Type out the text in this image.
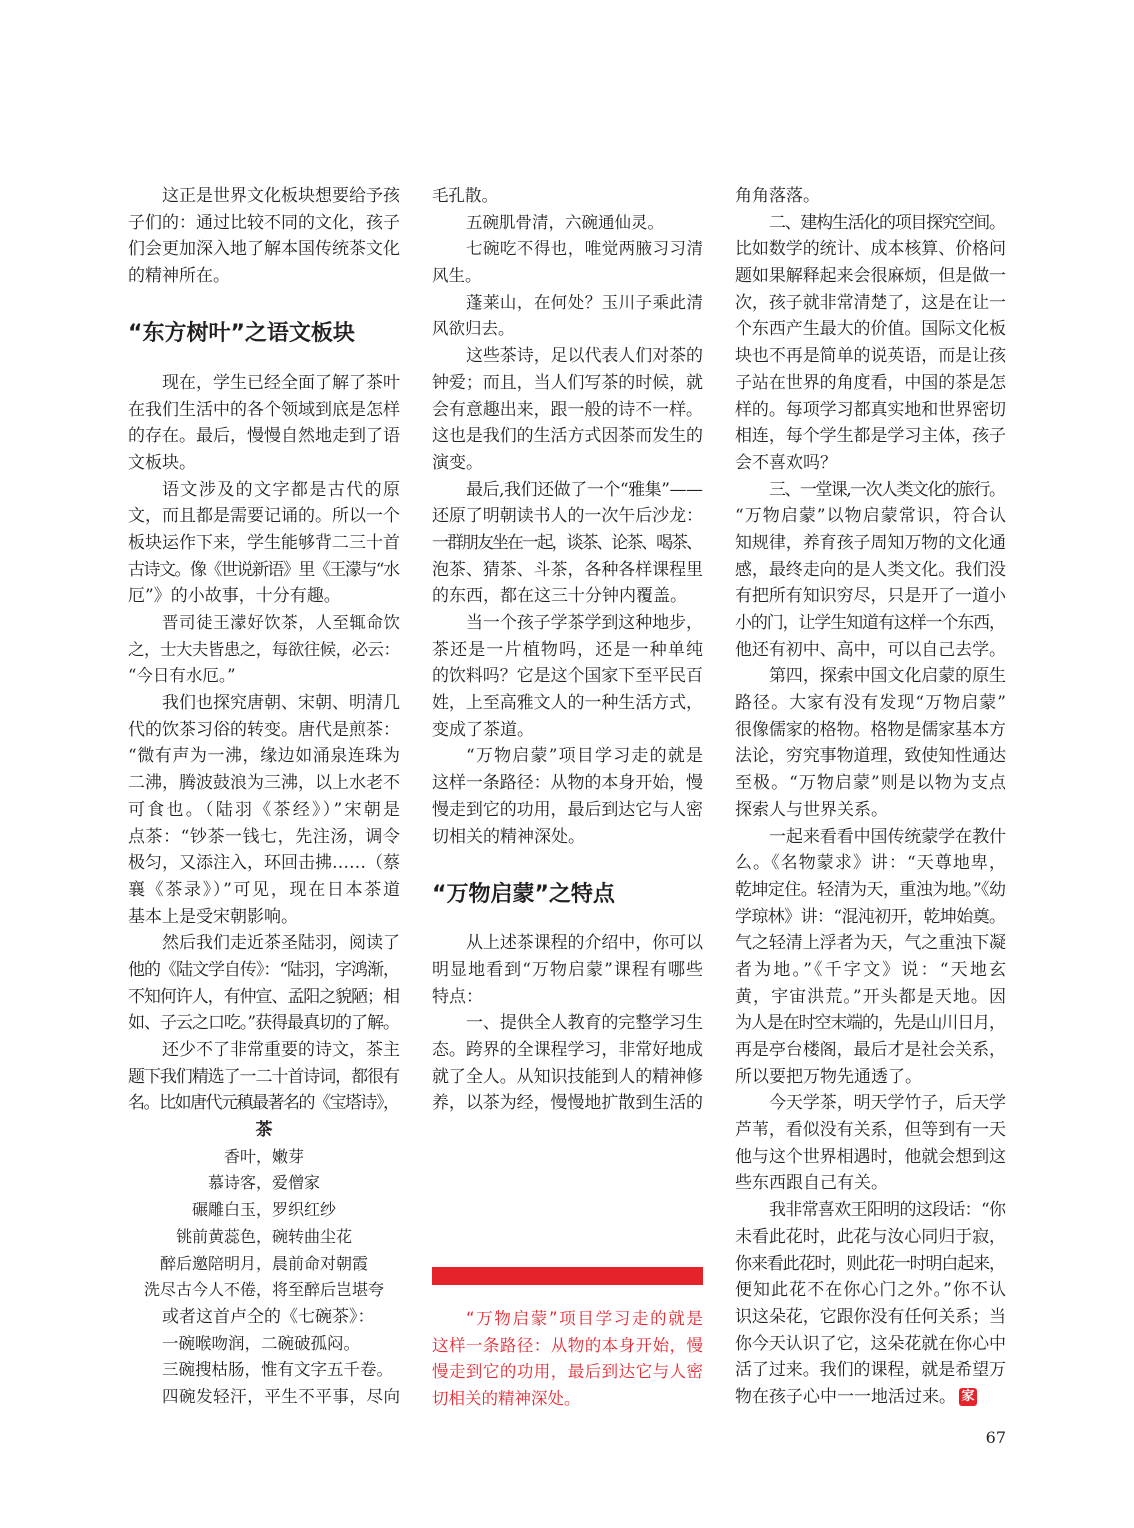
这正是世界文化板块想要给予孩
子们的：通过比较不同的文化，孩子
们会更加深入地了解本国传统茶文化
的精神所在。
“东方树叶”之语文板块
现在，学生已经全面了解了茶叶
在我们生活中的各个领域到底是怎样
的存在。最后，慢慢自然地走到了语
文板块。
语文涉及的文字都是古代的原
文，而且都是需要记诵的。所以一个
板块运作下来，学生能够背二三十首
古诗文。像《世说新语》里《王濛与“水
厄”》的小故事，十分有趣。
晋司徒王濛好饮茶，人至辄命饮
之，士大夫皆患之，每欲往候，必云：
“今日有水厄。”
我们也探究唐朝、宋朝、明清几
代的饮茶习俗的转变。唐代是煎茶：
“微有声为一沸，缘边如涌泉连珠为
二沸，腾波鼓浪为三沸，以上水老不
可食也。（陆羽《茶经》）”宋朝是
点茶：“钞茶一钱七，先注汤，调令
极匀，又添注入，环回击拂……（蔡
襄《茶录》）”可见，现在日本茶道
基本上是受宋朝影响。
然后我们走近茶圣陆羽，阅读了
他的《陆文学自传》：“陆羽，字鸿渐，
不知何许人，有仲宣、孟阳之貌陋；相
如、子云之口吃。”获得最真切的了解。
还少不了非常重要的诗文，茶主
题下我们精选了一二十首诗词，都很有
名。比如唐代元稹最著名的《宝塔诗》，
茶
香叶，嫩芽
慕诗客，爱僧家
碾雕白玉，罗织红纱
铫前黄蕊色，碗转曲尘花
醉后邀陪明月，晨前命对朝霞
洗尽古今人不倦，将至醉后岂堪夸
或者这首卢仝的《七碗茶》：
一碗喉吻润，二碗破孤闷。
三碗搜枯肠，惟有文字五千卷。
四碗发轻汗，平生不平事，尽向
毛孔散。
五碗肌骨清，六碗通仙灵。
七碗吃不得也，唯觉两腋习习清
风生。
蓬莱山，在何处？玉川子乘此清
风欲归去。
这些茶诗，足以代表人们对茶的
钟爱；而且，当人们写茶的时候，就
会有意趣出来，跟一般的诗不一样。
这也是我们的生活方式因茶而发生的
演变。
最后,我们还做了一个“雅集”——
还原了明朝读书人的一次午后沙龙：
一群朋友坐在一起，谈茶、论茶、喝茶、
泡茶、猜茶、斗茶，各种各样课程里
的东西，都在这三十分钟内覆盖。
当一个孩子学茶学到这种地步，
茶还是一片植物吗，还是一种单纯
的饮料吗？它是这个国家下至平民百
姓，上至高雅文人的一种生活方式，
变成了茶道。
“万物启蒙”项目学习走的就是
这样一条路径：从物的本身开始，慢
慢走到它的功用，最后到达它与人密
切相关的精神深处。
“万物启蒙”之特点
从上述茶课程的介绍中，你可以
明显地看到“万物启蒙”课程有哪些
特点：
一、提供全人教育的完整学习生
态。跨界的全课程学习，非常好地成
就了全人。从知识技能到人的精神修
养，以茶为经，慢慢地扩散到生活的
“万物启蒙”项目学习走的就是
这样一条路径：从物的本身开始，慢
慢走到它的功用，最后到达它与人密
切相关的精神深处。
角角落落。
二、建构生活化的项目探究空间。
比如数学的统计、成本核算、价格问
题如果解释起来会很麻烦，但是做一
次，孩子就非常清楚了，这是在让一
个东西产生最大的价值。国际文化板
块也不再是简单的说英语，而是让孩
子站在世界的角度看，中国的茶是怎
样的。每项学习都真实地和世界密切
相连，每个学生都是学习主体，孩子
会不喜欢吗？
三、一堂课,一次人类文化的旅行。
“万物启蒙”以物启蒙常识，符合认
知规律，养育孩子周知万物的文化通
感，最终走向的是人类文化。我们没
有把所有知识穷尽，只是开了一道小
小的门，让学生知道有这样一个东西，
他还有初中、高中，可以自己去学。
第四，探索中国文化启蒙的原生
路径。大家有没有发现“万物启蒙”
很像儒家的格物。格物是儒家基本方
法论，穷究事物道理，致使知性通达
至极。“万物启蒙”则是以物为支点
探索人与世界关系。
一起来看看中国传统蒙学在教什
么。《名物蒙求》讲：“天尊地卑，
乾坤定住。轻清为天，重浊为地。”《幼
学琼林》讲：“混沌初开，乾坤始奠。
气之轻清上浮者为天，气之重浊下凝
者为地。”《千字文》说：“天地玄
黄，宇宙洪荒。”开头都是天地。因
为人是在时空末端的，先是山川日月，
再是亭台楼阁，最后才是社会关系，
所以要把万物先通透了。
今天学茶，明天学竹子，后天学
芦苇，看似没有关系，但等到有一天
他与这个世界相遇时，他就会想到这
些东西跟自己有关。
我非常喜欢王阳明的这段话：“你
未看此花时，此花与汝心同归于寂，
你来看此花时，则此花一时明白起来，
便知此花不在你心门之外。”你不认
识这朵花，它跟你没有任何关系；当
你今天认识了它，这朵花就在你心中
活了过来。我们的课程，就是希望万
物在孩子心中一一地活过来。 家
67
